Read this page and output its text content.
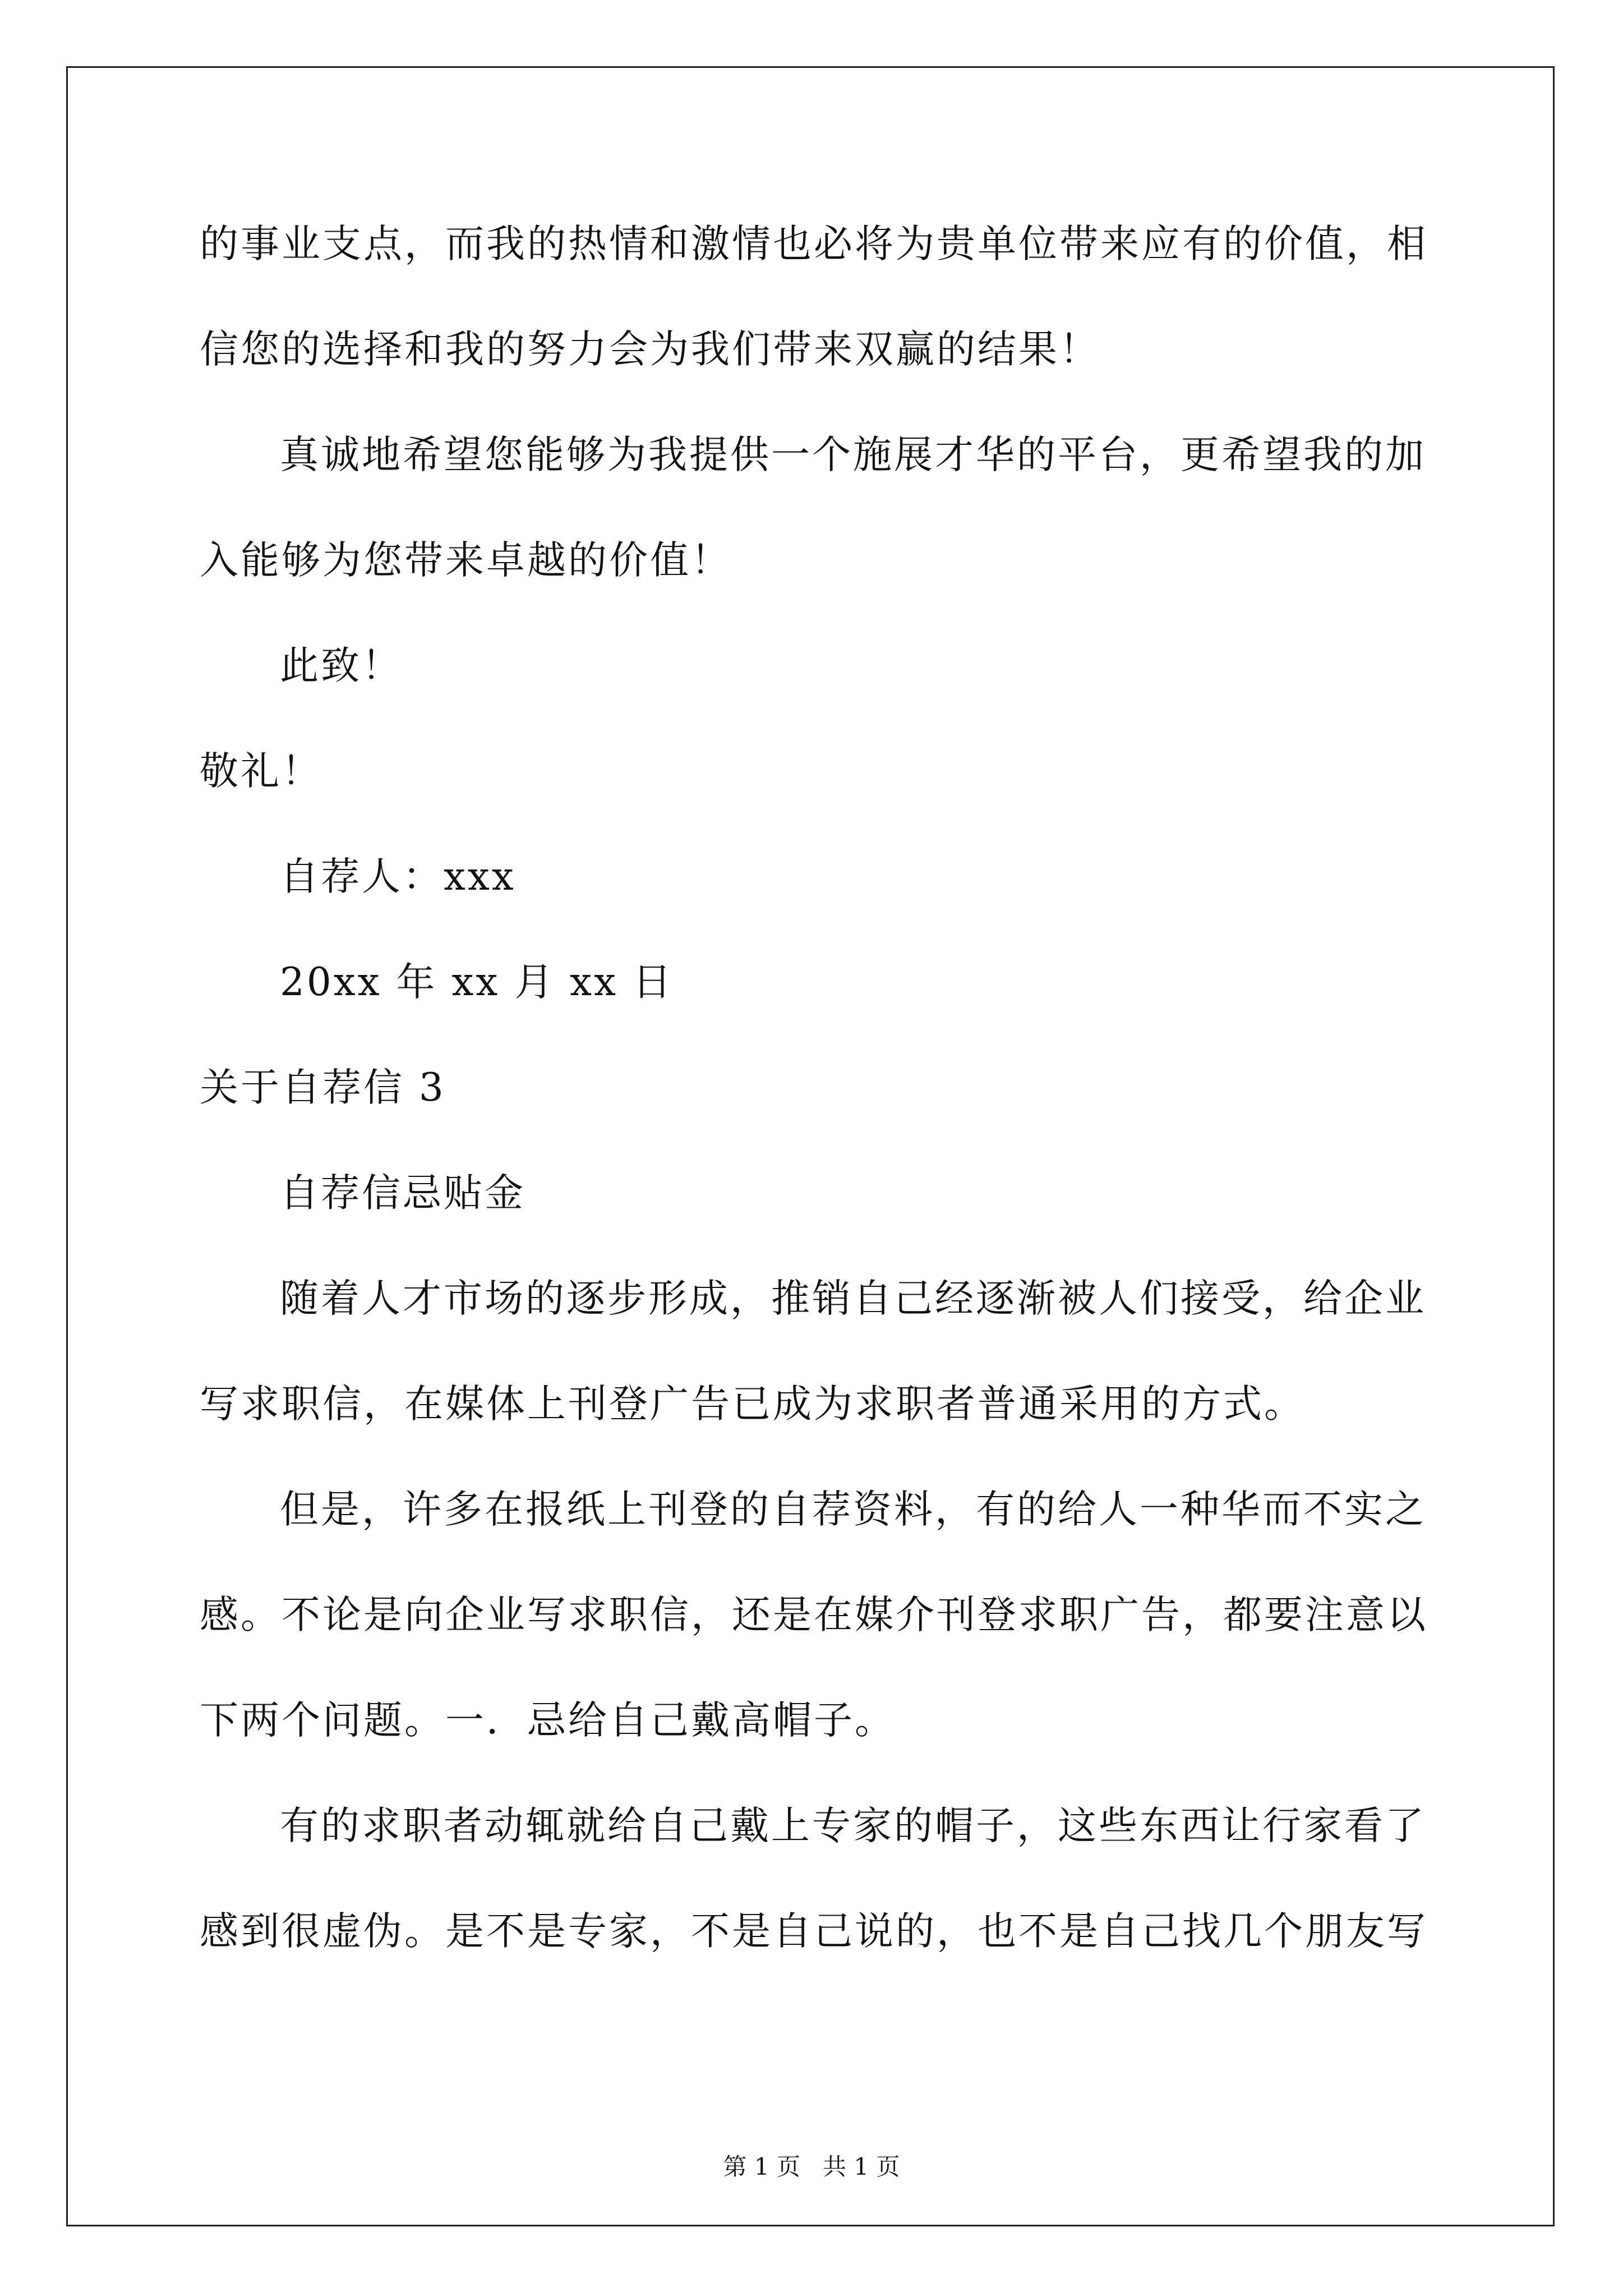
的事业支点，而我的热情和激情也必将为贵单位带来应有的价值，相
信您的选择和我的努力会为我们带来双赢的结果！
真诚地希望您能够为我提供一个施展才华的平台，更希望我的加
入能够为您带来卓越的价值！
此致！
敬礼！
自荐人：xxx
20xx 年 xx 月 xx 日
关于自荐信 3
自荐信忌贴金
随着人才市场的逐步形成，推销自己经逐渐被人们接受，给企业
写求职信，在媒体上刊登广告已成为求职者普通采用的方式。
但是，许多在报纸上刊登的自荐资料，有的给人一种华而不实之
感。不论是向企业写求职信，还是在媒介刊登求职广告，都要注意以
下两个问题。一．忌给自己戴高帽子。
有的求职者动辄就给自己戴上专家的帽子，这些东西让行家看了
感到很虚伪。是不是专家，不是自己说的，也不是自己找几个朋友写
第 1 页   共 1 页
